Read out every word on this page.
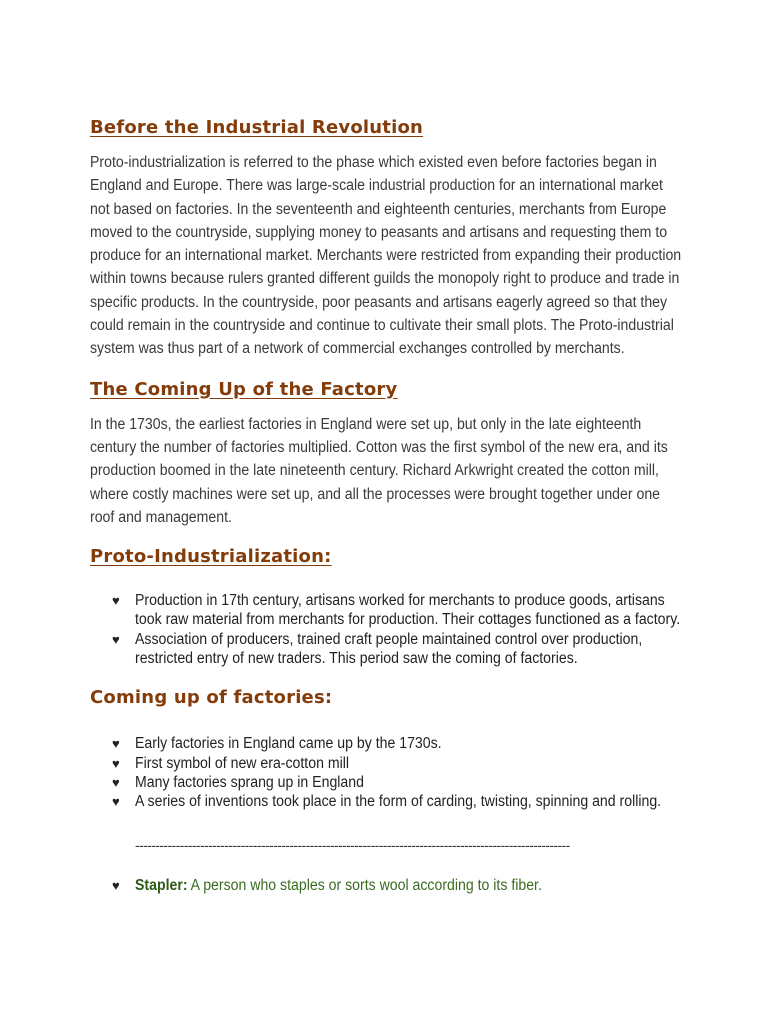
Before the Industrial Revolution

Proto-industrialization is referred to the phase which existed even before factories began in England and Europe. There was large-scale industrial production for an international market not based on factories. In the seventeenth and eighteenth centuries, merchants from Europe moved to the countryside, supplying money to peasants and artisans and requesting them to produce for an international market. Merchants were restricted from expanding their production within towns because rulers granted different guilds the monopoly right to produce and trade in specific products. In the countryside, poor peasants and artisans eagerly agreed so that they could remain in the countryside and continue to cultivate their small plots. The Proto-industrial system was thus part of a network of commercial exchanges controlled by merchants.

The Coming Up of the Factory

In the 1730s, the earliest factories in England were set up, but only in the late eighteenth century the number of factories multiplied. Cotton was the first symbol of the new era, and its production boomed in the late nineteenth century. Richard Arkwright created the cotton mill, where costly machines were set up, and all the processes were brought together under one roof and management.

Proto-Industrialization:
♥ Production in 17th century, artisans worked for merchants to produce goods, artisans took raw material from merchants for production. Their cottages functioned as a factory.
♥ Association of producers, trained craft people maintained control over production, restricted entry of new traders. This period saw the coming of factories.
Coming up of factories:
♥ Early factories in England came up by the 1730s.
♥ First symbol of new era-cotton mill
♥ Many factories sprang up in England
♥ A series of inventions took place in the form of carding, twisting, spinning and rolling.

-----------------------------------------------------------------------------------------------------------

♥ Stapler: A person who staples or sorts wool according to its fiber.
